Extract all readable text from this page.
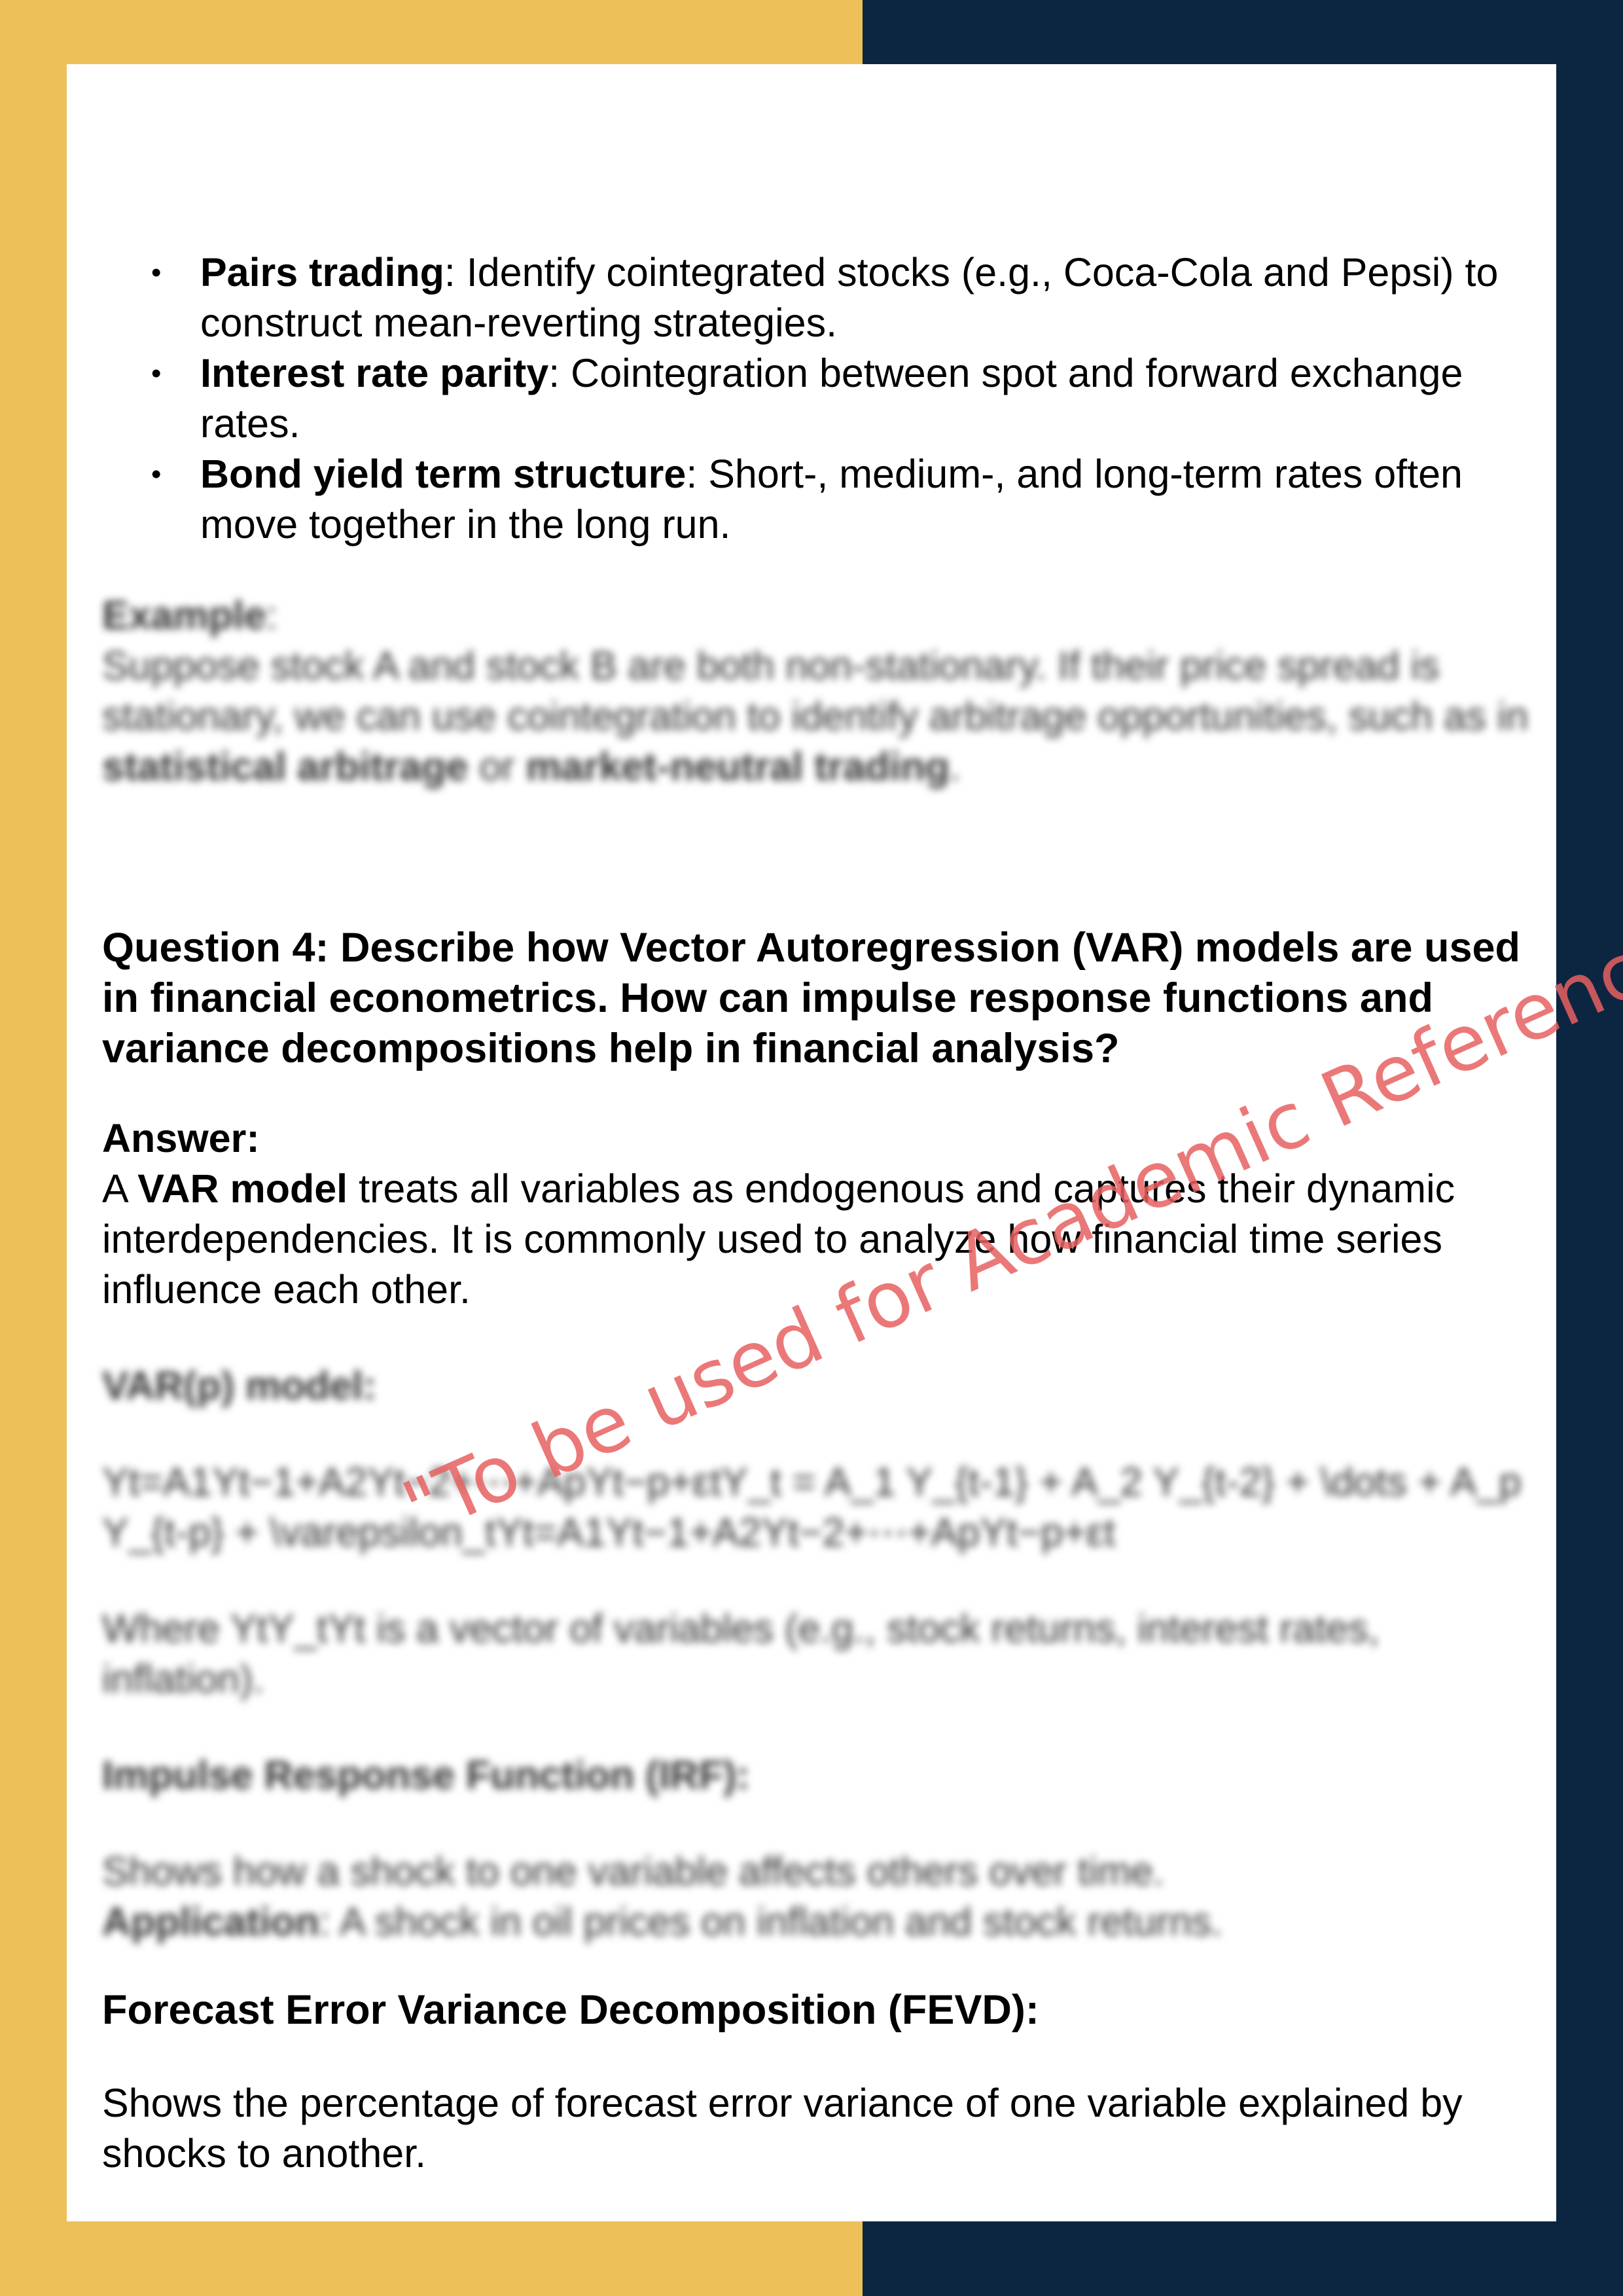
• Pairs trading: Identify cointegrated stocks (e.g., Coca-Cola and Pepsi) to construct mean-reverting strategies.
• Interest rate parity: Cointegration between spot and forward exchange rates.
• Bond yield term structure: Short-, medium-, and long-term rates often move together in the long run.

Example:

Suppose stock A and stock B are both non-stationary. If their price spread is stationary, we can use cointegration to identify arbitrage opportunities, such as in statistical arbitrage or market-neutral trading.

Question 4: Describe how Vector Autoregression (VAR) models are used in financial econometrics. How can impulse response functions and variance decompositions help in financial analysis?

Answer:

A VAR model treats all variables as endogenous and captures their dynamic interdependencies. It is commonly used to analyze how financial time series influence each other.

VAR(p) model:

Yt=A1Yt−1+A2Yt−2+⋯+ApYt−p+εtY_t = A_1 Y_{t-1} + A_2 Y_{t-2} + \dots + A_p Y_{t-p} + \varepsilon_tYt=A1Yt−1+A2Yt−2+⋯+ApYt−p+εt

Where YtY_tYt is a vector of variables (e.g., stock returns, interest rates, inflation).

Impulse Response Function (IRF):

Shows how a shock to one variable affects others over time.

Application: A shock in oil prices on inflation and stock returns.

Forecast Error Variance Decomposition (FEVD):

Shows the percentage of forecast error variance of one variable explained by shocks to another.

"To be used for Academic Reference
